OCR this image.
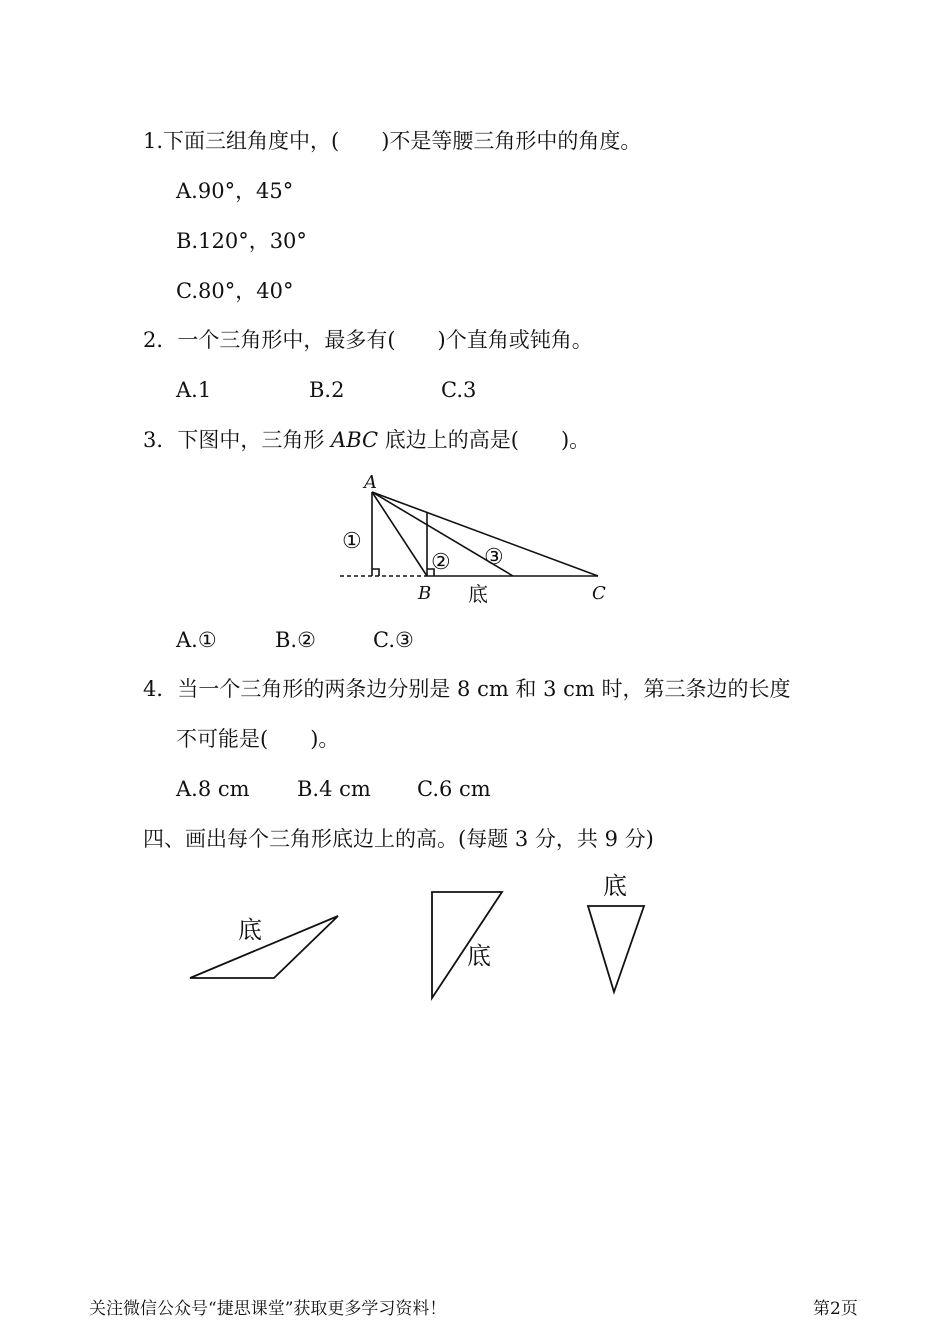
1.下面三组角度中，(　　)不是等腰三角形中的角度。
A.90°，45°
B.120°，30°
C.80°，40°
2．一个三角形中，最多有(　　)个直角或钝角。
A.1	B.2	C.3
3．下图中，三角形 ABC 底边上的高是(　　)。
A
B	C
底
①
② ③
A.①	B.②	C.③
4．当一个三角形的两条边分别是 8 cm 和 3 cm 时，第三条边的长度
不可能是(　　)。
A.8 cm B.4 cm C.6 cm
四、画出每个三角形底边上的高。(每题 3 分，共 9 分)
底
底
底
关注微信公众号“捷思课堂”获取更多学习资料！	第2页
